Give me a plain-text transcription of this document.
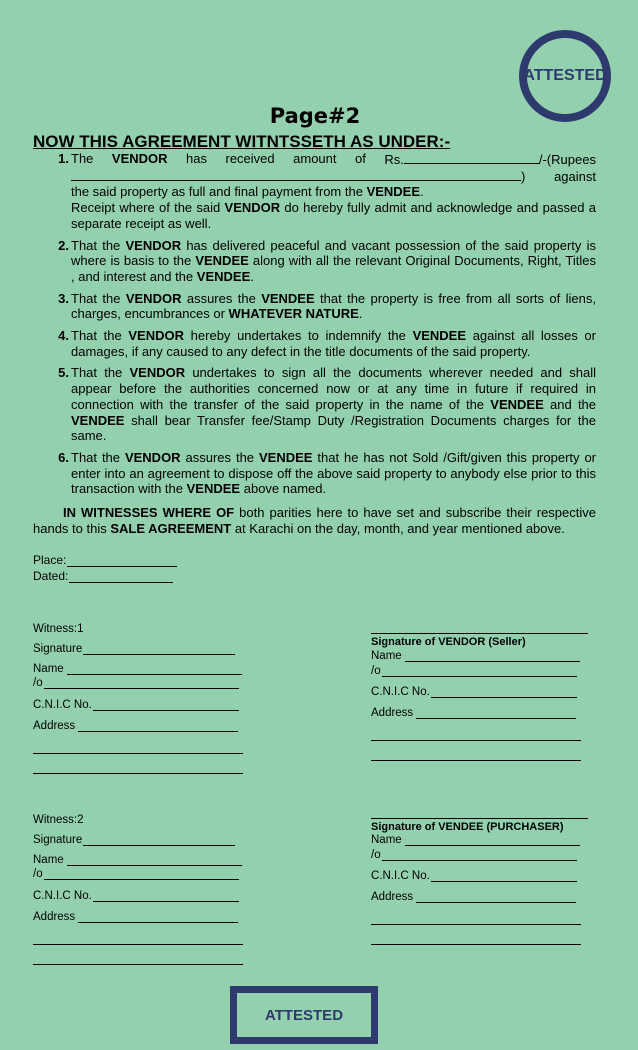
ATTESTED
Page#2
NOW THIS AGREEMENT WITNTSSETH AS UNDER:-
1. The VENDOR has received amount of Rs.	/-(Rupees
) against
the said property as full and final payment from the VENDEE.
Receipt where of the said VENDOR do hereby fully admit and acknowledge and passed a separate receipt as well.
2. That the VENDOR has delivered peaceful and vacant possession of the said property is where is basis to the VENDEE along with all the relevant Original Documents, Right, Titles , and interest and the VENDEE.
3. That the VENDOR assures the VENDEE that the property is free from all sorts of liens, charges, encumbrances or WHATEVER NATURE.
4. That the VENDOR hereby undertakes to indemnify the VENDEE against all losses or damages, if any caused to any defect in the title documents of the said property.
5. That the VENDOR undertakes to sign all the documents wherever needed and shall appear before the authorities concerned now or at any time in future if required in connection with the transfer of the said property in the name of the VENDEE and the VENDEE shall bear Transfer fee/Stamp Duty /Registration Documents charges for the same.
6. That the VENDOR assures the VENDEE that he has not Sold /Gift/given this property or enter into an agreement to dispose off the above said property to anybody else prior to this transaction with the VENDEE above named.
IN WITNESSES WHERE OF both parities here to have set and subscribe their respective hands to this SALE AGREEMENT at Karachi on the day, month, and year mentioned above.
Place:
Dated:
Witness:1
Signature
Name
/o
C.N.I.C No.
Address
Signature of VENDOR (Seller)
Name
/o
C.N.I.C No.
Address
Witness:2
Signature
Name
/o
C.N.I.C No.
Address
Signature of VENDEE (PURCHASER)
Name
/o
C.N.I.C No.
Address
ATTESTED
